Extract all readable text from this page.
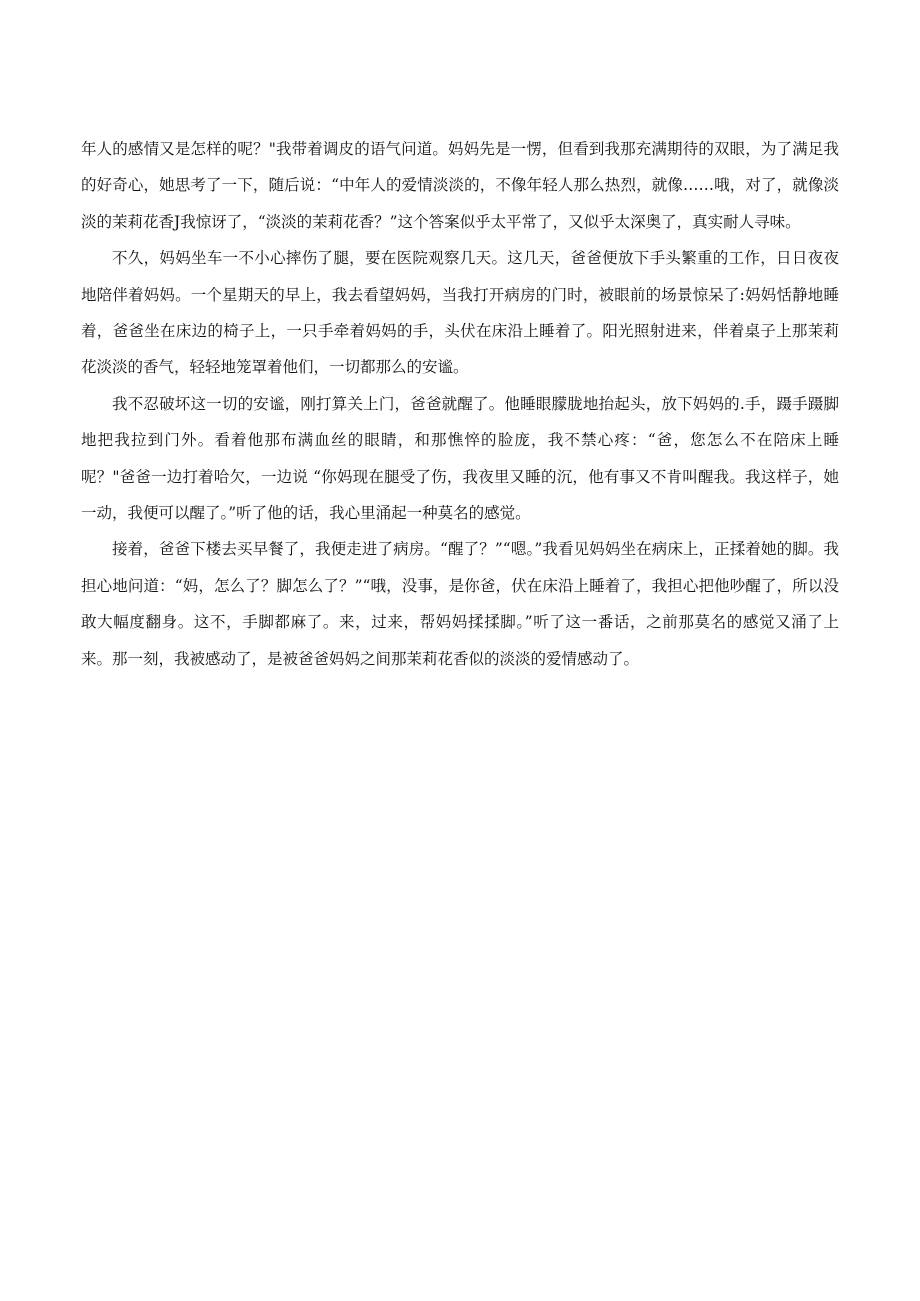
年人的感情又是怎样的呢？"我带着调皮的语气问道。妈妈先是一愣，但看到我那充满期待的双眼，为了满足我的好奇心，她思考了一下，随后说：“中年人的爱情淡淡的，不像年轻人那么热烈，就像……哦，对了，就像淡淡的茉莉花香J我惊讶了，“淡淡的茉莉花香？”这个答案似乎太平常了，又似乎太深奥了，真实耐人寻味。

不久，妈妈坐车一不小心摔伤了腿，要在医院观察几天。这几天，爸爸便放下手头繁重的工作，日日夜夜地陪伴着妈妈。一个星期天的早上，我去看望妈妈，当我打开病房的门时，被眼前的场景惊呆了:妈妈恬静地睡着，爸爸坐在床边的椅子上，一只手牵着妈妈的手，头伏在床沿上睡着了。阳光照射进来，伴着桌子上那茉莉花淡淡的香气，轻轻地笼罩着他们，一切都那么的安谧。

我不忍破坏这一切的安谧，刚打算关上门，爸爸就醒了。他睡眼朦胧地抬起头，放下妈妈的.手，蹑手蹑脚地把我拉到门外。看着他那布满血丝的眼睛，和那憔悴的脸庞，我不禁心疼：“爸，您怎么不在陪床上睡呢？"爸爸一边打着哈欠，一边说 “你妈现在腿受了伤，我夜里又睡的沉，他有事又不肯叫醒我。我这样子，她一动，我便可以醒了。”听了他的话，我心里涌起一种莫名的感觉。

接着，爸爸下楼去买早餐了，我便走进了病房。“醒了？”“嗯。”我看见妈妈坐在病床上，正揉着她的脚。我担心地问道：“妈，怎么了？脚怎么了？”“哦，没事，是你爸，伏在床沿上睡着了，我担心把他吵醒了，所以没敢大幅度翻身。这不，手脚都麻了。来，过来，帮妈妈揉揉脚。”听了这一番话，之前那莫名的感觉又涌了上来。那一刻，我被感动了，是被爸爸妈妈之间那茉莉花香似的淡淡的爱情感动了。
